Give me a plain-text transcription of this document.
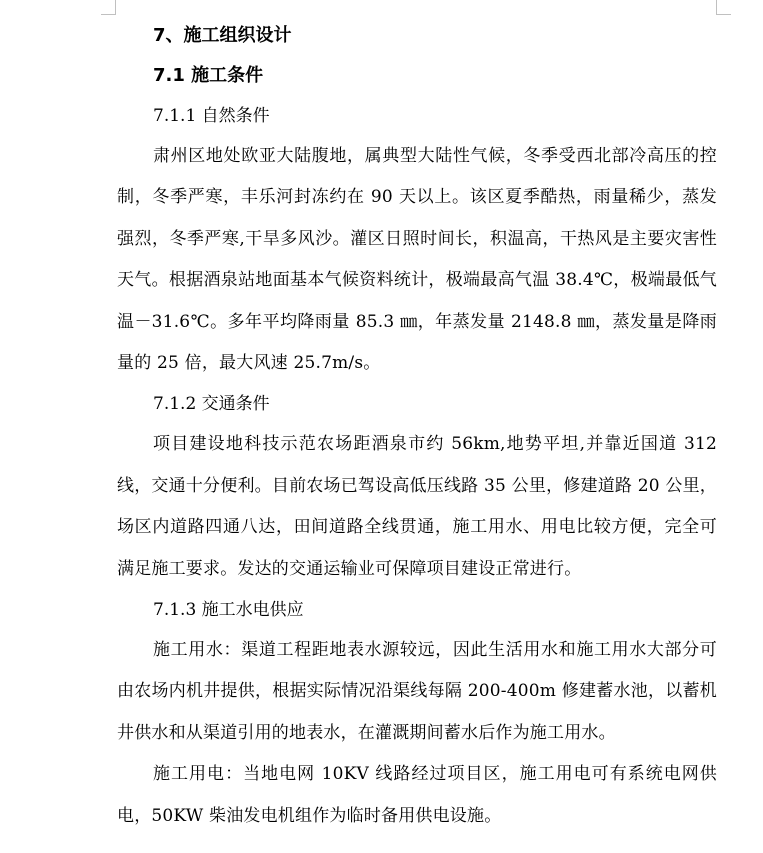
7、施工组织设计
7.1 施工条件
7.1.1 自然条件

肃州区地处欧亚大陆腹地，属典型大陆性气候，冬季受西北部冷高压的控制，冬季严寒，丰乐河封冻约在 90 天以上。该区夏季酷热，雨量稀少，蒸发强烈，冬季严寒,干旱多风沙。灌区日照时间长，积温高，干热风是主要灾害性天气。根据酒泉站地面基本气候资料统计，极端最高气温 38.4℃，极端最低气温－31.6℃。多年平均降雨量 85.3 ㎜，年蒸发量 2148.8 ㎜，蒸发量是降雨量的 25 倍，最大风速 25.7m/s。

7.1.2 交通条件

项目建设地科技示范农场距酒泉市约 56km,地势平坦,并靠近国道 312 线，交通十分便利。目前农场已驾设高低压线路 35 公里，修建道路 20 公里，场区内道路四通八达，田间道路全线贯通，施工用水、用电比较方便，完全可满足施工要求。发达的交通运输业可保障项目建设正常进行。

7.1.3 施工水电供应

施工用水：渠道工程距地表水源较远，因此生活用水和施工用水大部分可由农场内机井提供，根据实际情况沿渠线每隔 200-400m 修建蓄水池，以蓄机井供水和从渠道引用的地表水，在灌溉期间蓄水后作为施工用水。

施工用电：当地电网 10KV 线路经过项目区，施工用电可有系统电网供电，50KW 柴油发电机组作为临时备用供电设施。
